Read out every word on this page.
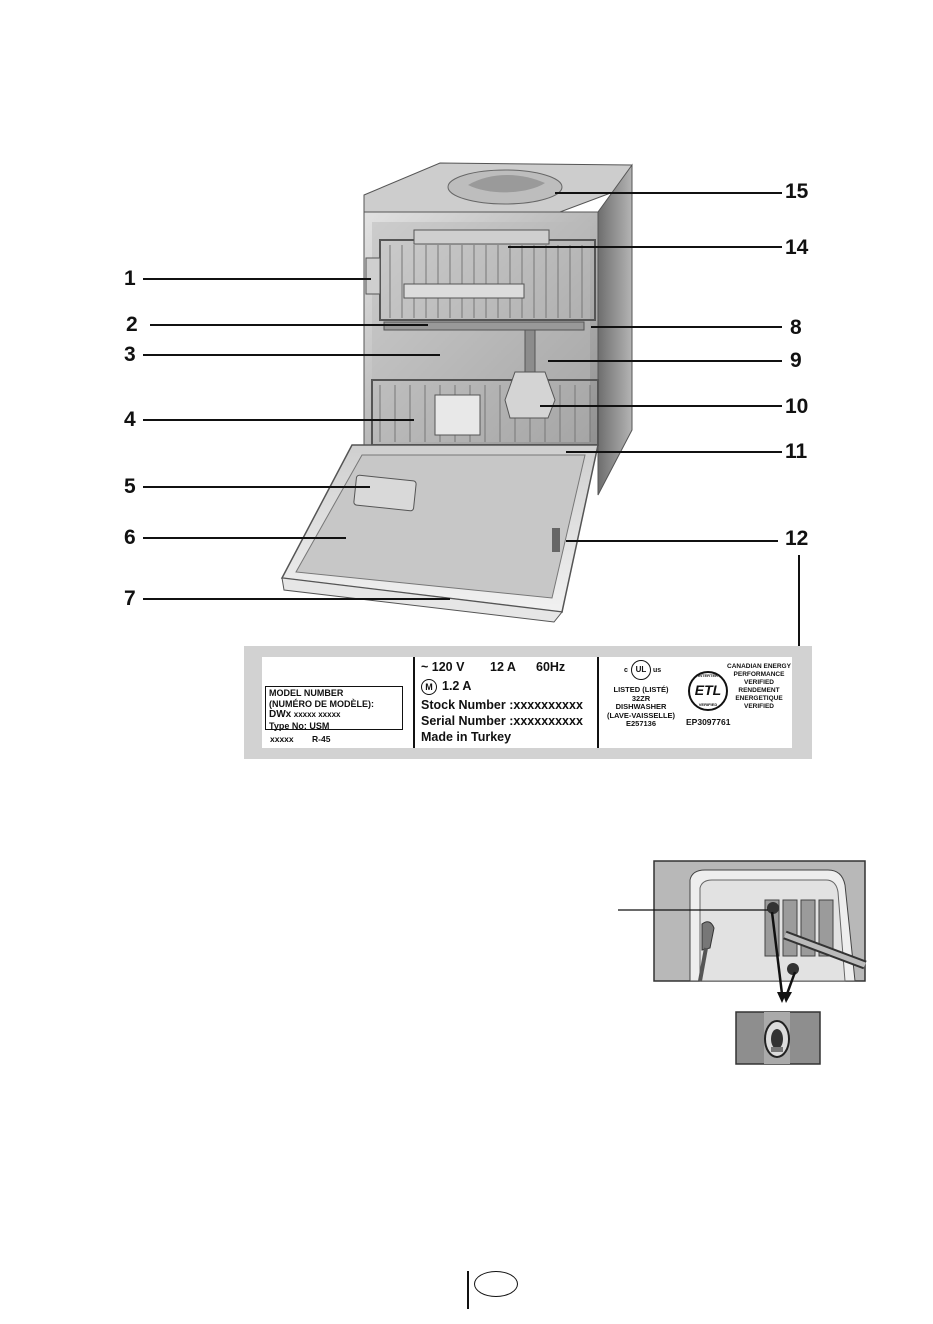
1
2
3
4
5
6
7
8
9
10
11
12
14
15
MODEL NUMBER
(NUMÉRO DE MODÈLE):
DWx xxxxx xxxxx
Type No: USM
xxxxx R-45
~ 120 V 12 A 60Hz
M 1.2 A
Stock Number :xxxxxxxxxx
Serial Number :xxxxxxxxxx
Made in Turkey
c UL us
LISTED (LISTÉ)
32ZR
DISHWASHER
(LAVE-VAISSELLE)
E257136
INTERTEK
ETL
VERIFIED
EP3097761
CANADIAN ENERGY
PERFORMANCE
VERIFIED
RENDEMENT
ENERGETIQUE
VERIFIED
